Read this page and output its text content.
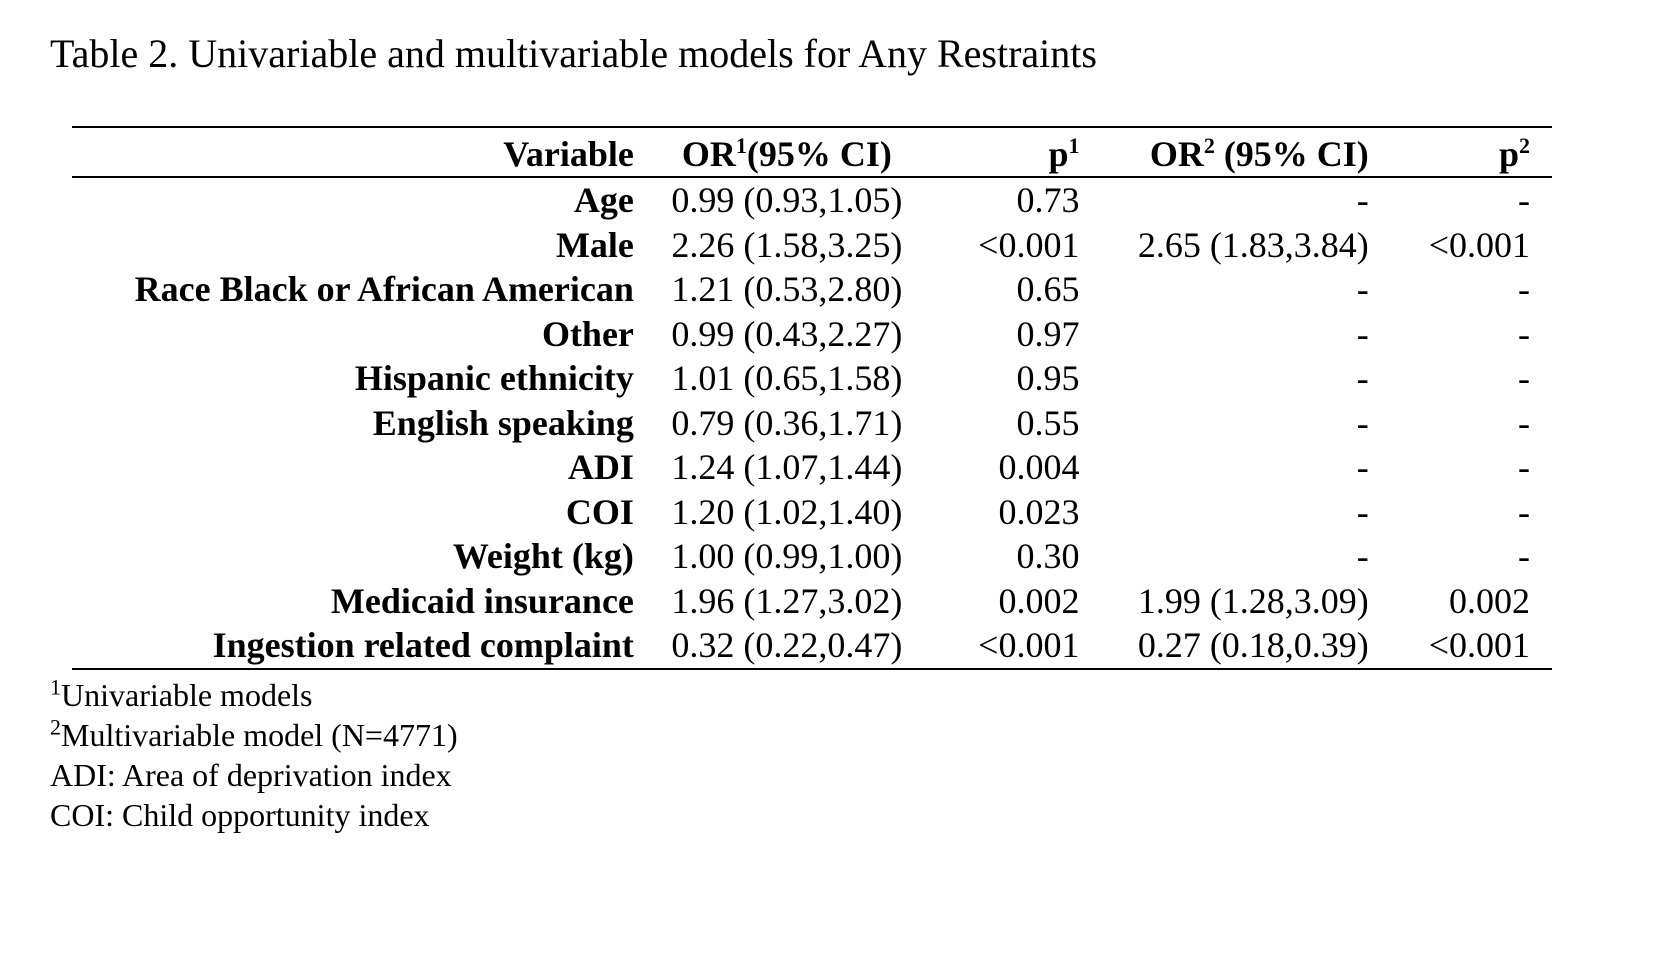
Table 2. Univariable and multivariable models for Any Restraints
Variable	$OR^1(95\%$ CI)	$p^1$	$OR^2$ (95% CI)	$p^2$
Age	0.99 (0.93,1.05)	0.73	-	-
Male	2.26 (1.58,3.25)	<0.001	2.65 (1.83,3.84)	<0.001
Race Black or African American	1.21 (0.53,2.80)	0.65	-	-
Other	0.99 (0.43,2.27)	0.97	-	-
Hispanic ethnicity	1.01 (0.65,1.58)	0.95	-	-
English speaking	0.79 (0.36,1.71)	0.55	-	-
ADI	1.24 (1.07,1.44)	0.004	-	-
COI	1.20 (1.02,1.40)	0.023	-	-
Weight (kg)	1.00 (0.99,1.00)	0.30	-	-
Medicaid insurance	1.96 (1.27,3.02)	0.002	1.99 (1.28,3.09)	0.002
Ingestion related complaint	0.32 (0.22,0.47)	<0.001	0.27 (0.18,0.39)	<0.001
$^1$Univariable models
$^2$Multivariable model (N=4771)
ADI: Area of deprivation index
COI: Child opportunity index
